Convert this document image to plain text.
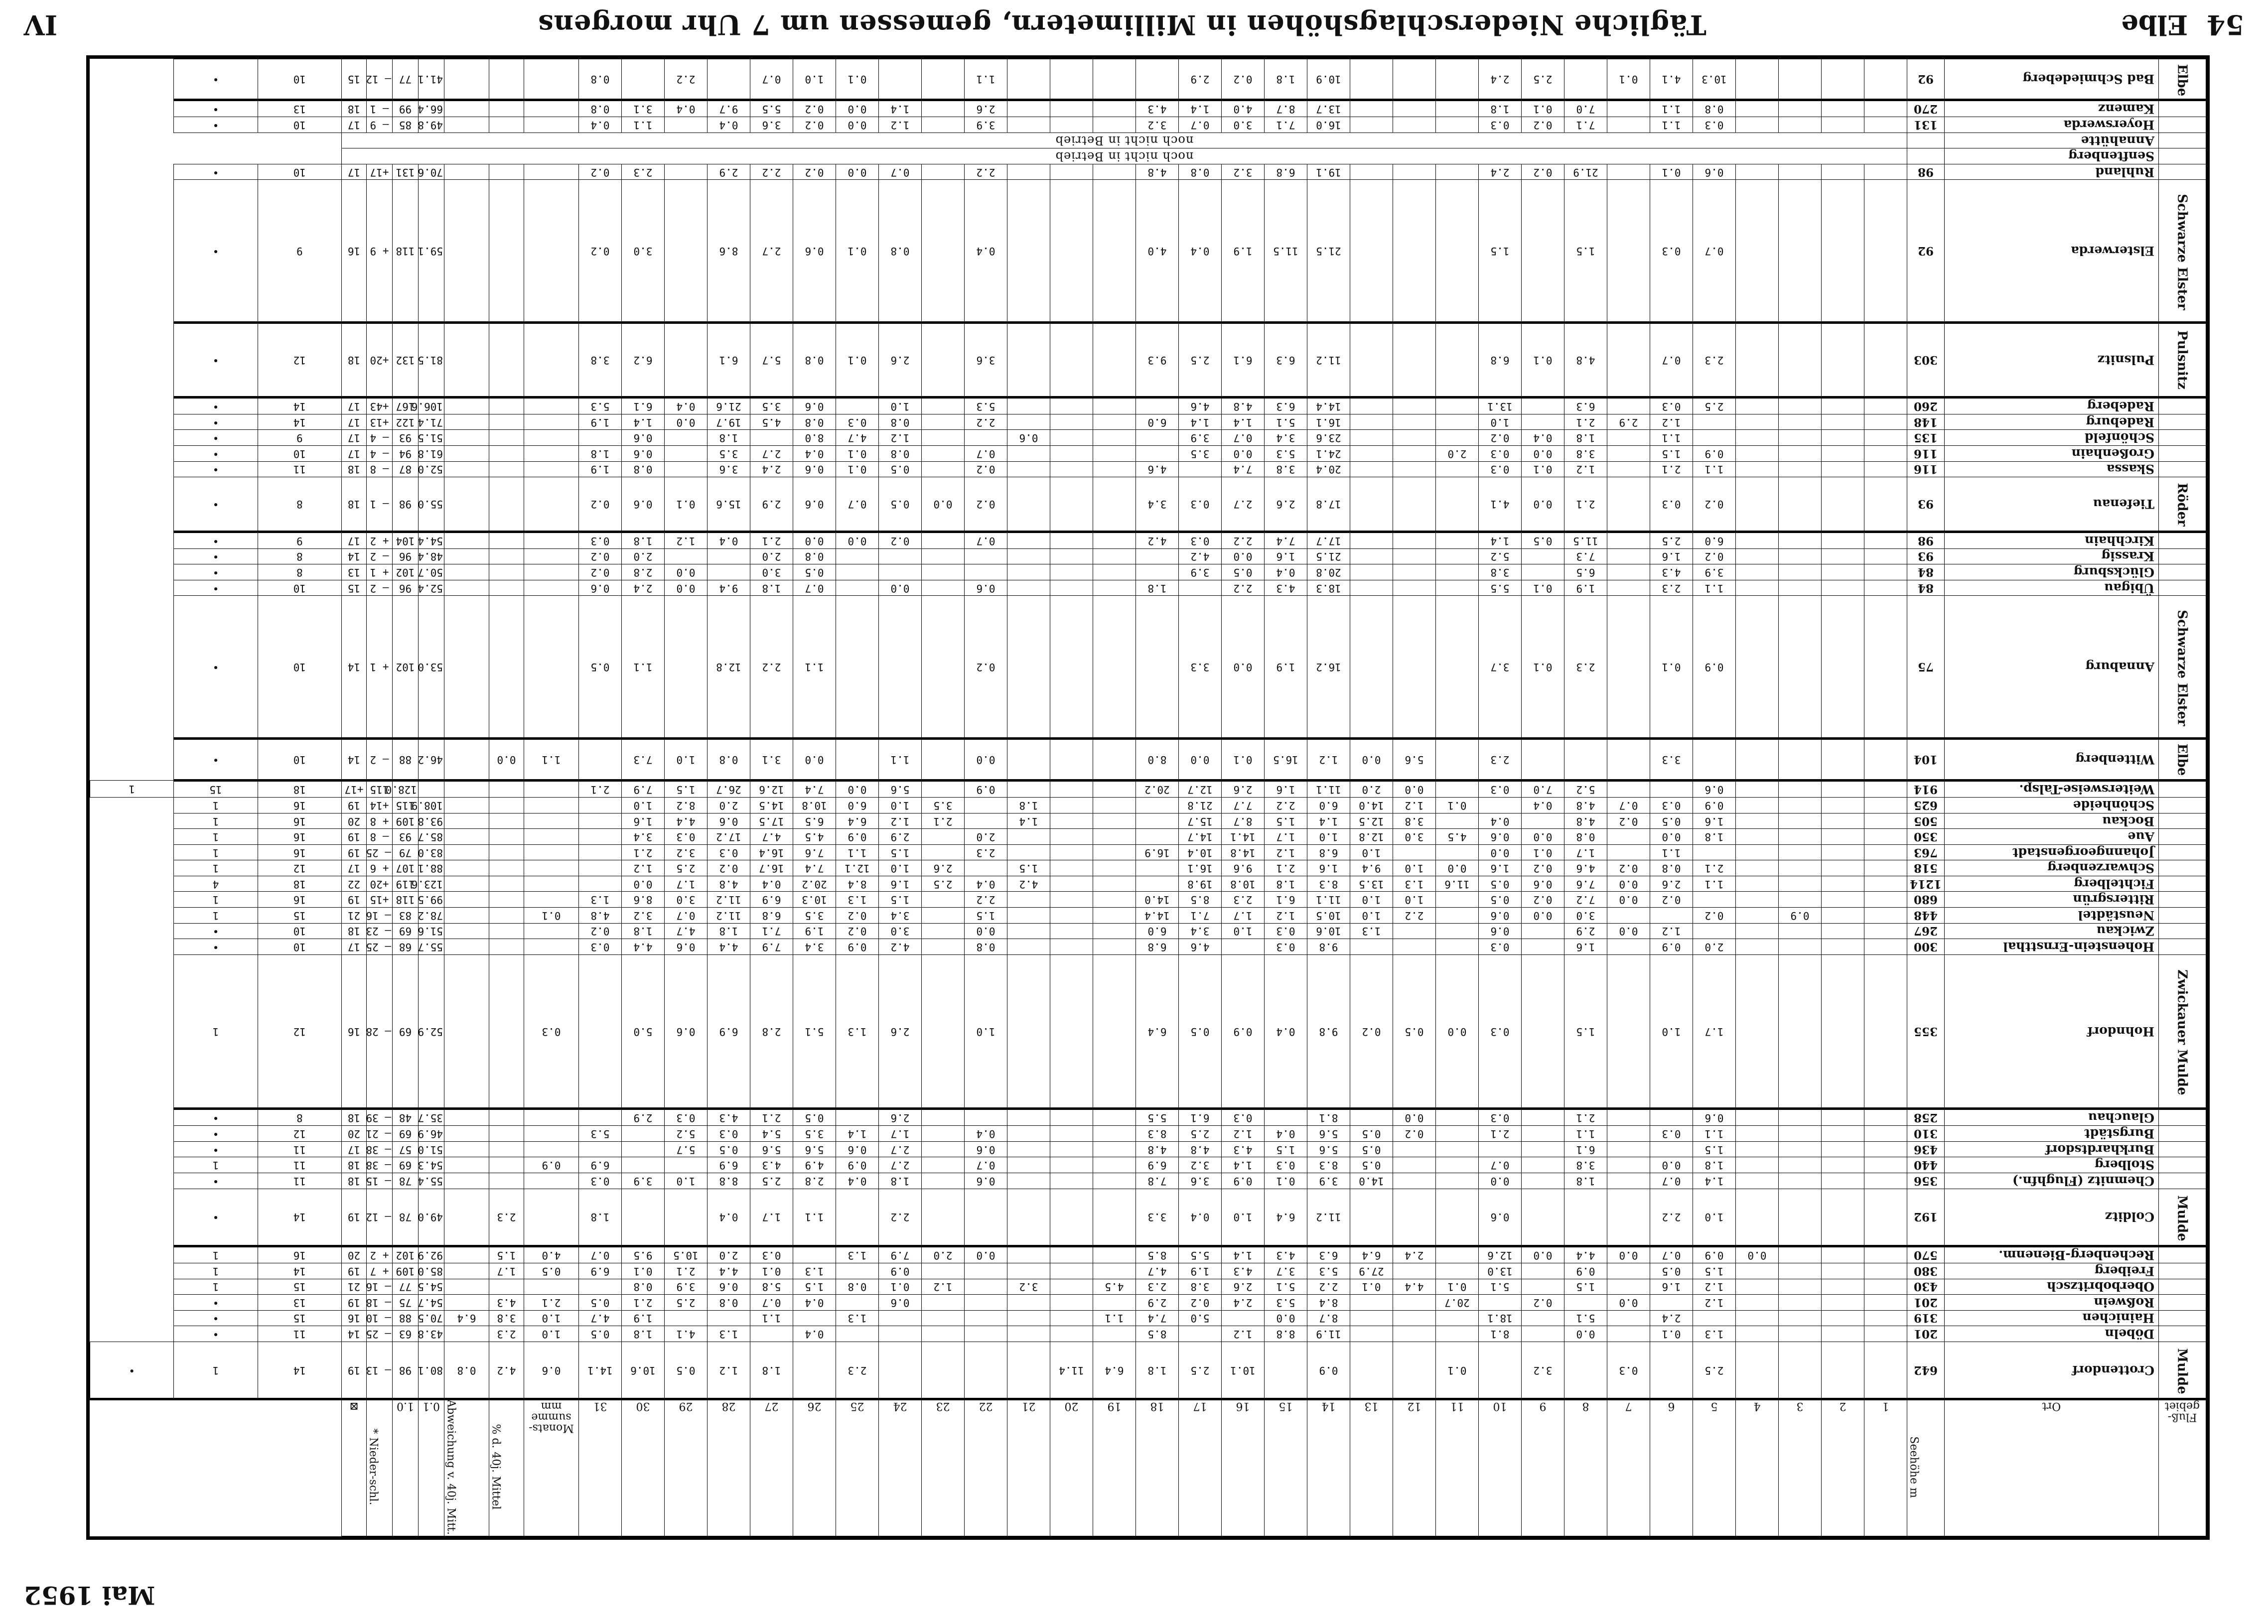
54  Elbe
Tägliche Niederschlagshöhen in Millimetern, gemessen um 7 Uhr morgens
IV
Mai 1952
Fluß-gebiet	Ort	Seehöhe m	1	2	3	4	5	6	7	8	9	10	11	12	13	14	15	16	17	18	19	20	21	22	23	24	25	26	27	28	29	30	31	Monats-summe mm	% d. 40j. Mittel	Abweichung v. 40j. Mitt.	0.1	1.0	* Nieder-schl.	⊠			
Mulde	Crottendorf	642					2.5		0.3		3.2		0.1			0.9		10.1	2.5	1.8	6.4	11.4					2.3		1.8	1.2	0.5	10.6	14.1	0.6	4.2	0.8	80.1	98	— 13	19	14	1	•
	Döbeln	201					1.3	0.1		0.0		8.1				11.9	8.8	1.2		8.5								0.4		1.3	4.1	1.8	0.5	1.0	2.3		43.8	63	— 25	14	11	•	
	Hainichen	319						2.4		5.1		18.1				8.7	0.0		5.0	7.4	1.1						1.3		1.1			1.9	4.7	1.0	3.8	6.4	70.5	88	— 10	16	15	•	
	Roßwein	201					1.2		0.0		0.2		20.7			8.4	5.3	2.4	0.2	2.9						0.6		0.4	0.7	0.8	2.5	2.1	0.5	2.1	4.3		54.7	75	— 18	19	13	•	
	Oberbobritzsch	430					1.2	1.6		1.5		5.1	0.1	4.4	0.1	2.2	5.1	2.6	3.8	2.3	4.5		3.2		1.2	0.1	0.8	1.5	5.8	0.6	3.9	0.8					54.5	77	— 16	21	15	1	
	Freiberg	380					1.5	0.5		0.9		13.0			27.9	5.3	3.7	4.3	1.9	4.7						0.9		1.3	0.1	4.4	2.1	0.1	6.9	0.5	1.7		85.0	109	+ 7	19	14	1	
	Rechenberg-Bienenm.	570				0.0	0.9	0.7	0.0	4.4	0.0	12.6		2.4	6.4	6.3	4.3	1.4	5.5	8.5				0.0	2.0	7.9	1.3		0.3	2.0	10.5	9.5	0.7	4.0	1.5		92.9	102	+ 2	20	16	1	
Mulde	Colditz	192					1.0	2.2				0.6				11.2	6.4	1.0	0.4	3.3						2.2		1.1	1.7	0.4			1.8		2.3		49.0	78	— 12	19	14	•	
	Chemnitz (Flughfn.)	356					1.4	0.7		1.8		0.0			14.0	3.9	0.1	0.9	3.6	7.8				0.6		1.8	0.4	2.8	2.5	8.8	1.0	3.9	0.3				55.4	78	— 15	18	11	•	
	Stolberg	440					1.8	0.0		3.8		0.7			0.5	8.3	0.3	1.4	3.2	6.9				0.7		2.7	0.9	4.9	4.3	6.9			6.9	0.9			54.3	69	— 38	18	11	1	
	Burkhardtsdorf	436					1.5			6.1					0.5	5.6	1.5	4.3	4.8	4.8				0.6		2.7	0.6	5.6	5.6	0.5	5.7						51.0	57	— 38	17	11	•	
	Burgstädt	310					1.1	0.3		1.1		2.1		0.2	0.5	5.6	0.4	1.2	2.5	8.3				0.4		1.7	1.4	3.5	5.4	0.3	5.2		5.3				46.9	69	— 21	20	12	•	
	Glauchau	258					0.6			2.1		0.3		0.0		8.1		0.3	6.1	5.5						2.6		0.5	2.1	4.3	0.3	2.9					35.7	48	— 39	18	8	•	
Zwickauer Mulde	Hohndorf	355					1.7	1.0		1.5		0.3	0.0	0.5	0.2	9.8	0.4	0.9	0.5	6.4				1.0		2.6	1.3	5.1	2.8	6.9	0.6	5.0		0.3			52.9	69	— 28	16	12	1	
	Hohenstein-Ernstthal	300					2.0	0.9		1.6		0.3				9.8	0.3		4.6	6.8				0.8		4.2	0.9	3.4	7.9	4.4	0.6	4.4	0.3				55.7	68	— 25	17	10	•	
	Zwickau	267						1.2	0.0	2.9		0.6			1.3	10.6	0.3	1.0	3.4	6.0				0.0		3.0	0.2	1.9	7.1	1.8	4.7	1.8	0.2				51.6	69	— 23	18	10	•	
	Neustädtel	448			0.9		0.2			3.0	0.0	0.6		2.2	1.0	10.5	1.2	1.7	7.1	14.4				1.5		3.4	0.2	3.5	6.8	11.2	0.7	3.2	4.8	0.1			78.2	83	— 16	21	15	1	
	Rittersgrün	680						0.2	0.0	7.2	0.2	0.5		1.0	1.0	11.1	6.1	2.3	8.5	14.0				2.2		1.5	1.3	10.3	6.9	11.2	3.0	8.6	1.3				99.5	118	+15	19	16	1	
	Fichtelberg	1214					1.1	2.6	0.0	7.6	0.6	0.5	11.6	1.3	13.5	8.3	1.8	10.8	19.8				4.2	0.4	2.5	1.6	8.4	20.2	0.4	4.8	1.7	0.0					123.6	119	+20	22	18	4	
	Schwarzenberg	518					2.1	0.8	0.2	4.6	0.2	1.6	0.0	1.0	9.4	1.6	2.1	9.6	16.1				1.5		2.6	1.0	12.1	7.4	16.7	0.2	2.5	1.2					88.1	107	+ 6	17	12	1	
	Johanngeorgenstadt	763						1.1		1.7	0.1	0.0			1.0	6.8	1.2	14.8	10.4	16.9				2.3		1.5	1.1	7.6	16.4	0.3	3.2	2.1					83.0	79	— 25	19	16	1	
	Aue	350					1.8	0.0		0.8	0.0	0.6	4.5	3.0	12.8	1.0	1.7	14.1	14.7					2.0		2.9	0.9	4.5	4.7	17.2	0.3	3.4					85.7	93	— 8	19	16	1	
	Bockau	505					1.6	0.5	0.2	4.8		0.4		3.8	12.5	1.4	1.5	8.7	15.7				1.4		2.1	1.2	6.4	6.5	17.5	0.6	4.4	1.6					93.8	109	+ 8	20	16	1	
	Schönheide	625					0.9	0.3	0.7	4.8	0.4		0.1	1.2	14.0	6.0	2.2	7.7	21.8				1.8		3.5	1.0	6.0	10.8	14.5	2.0	8.2	1.0					108.9	115	+14	19	16	1	
	Weitersweise-Talsp.	914					0.6			5.2	7.0	0.3		0.0	2.0	11.1	1.6	2.6	12.7	20.2				0.9		5.6	0.0	7.4	12.6	26.7	1.5	7.9	2.1					128.0	115	+17	18	15	1
Elbe	Wittenberg	104						3.3				2.3		5.6	0.0	1.2	16.5	0.1	0.0	8.0				0.0		1.1		0.0	3.1	0.8	1.0	7.3		1.1	0.0		46.2	88	— 2	14	10	•	
Schwarze Elster	Annaburg	75					0.9	0.1		2.3	0.1	3.7				16.2	1.9	0.0	3.3					0.2				1.1	2.2	12.8		1.1	0.5				53.0	102	+ 1	14	10	•	
	Übigau	84					1.1	2.3		1.9	0.1	5.5				18.3	4.3	2.2		1.8				0.6		0.0		0.7	1.8	9.4	0.0	2.4	0.6				52.4	96	— 2	15	10	•	
	Glücksburg	84					3.9	4.3		6.5		3.8				20.8	0.4	0.5	3.9									0.5	3.0		0.0	2.8	0.2				50.7	102	+ 1	13	8	•	
	Krassig	93					0.2	1.6		7.3		5.2				21.5	1.6	0.0	4.2									0.8	2.0			2.0	0.2				48.4	96	— 2	14	8	•	
	Kirchhain	98					6.0	2.5		11.5	0.5	1.4				17.7	7.4	2.2	0.3	4.2				0.7		0.2	0.0	0.0	2.1	0.4	1.2	1.8	0.3				54.4	104	+ 2	17	9	•	
Röder	Tiefenau	93					0.2	0.3		2.1	0.0	4.1				17.8	2.6	2.7	0.3	3.4				0.2	0.0	0.5	0.7	0.6	2.9	15.6	0.1	0.6	0.2				55.0	98	— 1	18	8	•	
	Skassa	116					1.1	2.1		1.2	0.1	0.3				20.4	3.8	7.4		4.6				0.2		0.5	0.1	0.6	2.4	3.6		0.8	1.9				52.0	87	— 8	18	11	•	
	Großenhain	116					0.9	1.5		3.8	0.0	0.3	2.0			24.1	5.3	0.0	3.5					0.7		0.8	0.1	0.4	2.7	3.5		0.6	1.8				61.8	94	— 4	17	10	•	
	Schönfeld	135						1.1		1.8	0.4	0.2				23.6	3.4	0.7	3.9				0.6			1.2	4.7	8.0		1.8		0.6					51.5	93	— 4	17	9	•	
	Radeburg	148						1.2	2.9	2.1		1.0				16.1	5.1	1.4	1.4	6.0				2.2		0.8	0.3	0.8	4.5	19.7	0.0	1.4	1.9				71.4	122	+13	17	14	•	
	Radeberg	260					2.5	0.3		6.3		13.1				14.4	6.3	4.8	4.6					5.3		1.0		0.6	3.5	21.6	0.4	6.1	5.3				106.6	167	+43	17	14	•	
Pulsnitz	Pulsnitz	303					2.3	0.7		4.8	0.1	6.8				11.2	6.3	6.1	2.5	9.3				3.6		2.6	0.1	0.8	5.7	6.1		6.2	3.8				81.5	132	+20	18	12	•	
Schwarze Elster	Elsterwerda	92					0.7	0.3		1.5		1.5				21.5	11.5	1.9	0.4	4.0				0.4		0.8	0.1	0.6	2.7	8.6		3.0	0.2				59.1	118	+ 9	16	9	•	
	Ruhland	98					0.6	0.1		21.9	0.2	2.4				19.1	6.8	3.2	0.8	4.8				2.2		0.7	0.0	0.2	2.2	2.9		2.3	0.2				70.6	131	+17	17	10	•	
	Senftenberg		noch nicht in Betrieb																																								
	Annahütte		noch nicht in Betrieb																																								
	Hoyerswerda	131					0.3	1.1		7.1	0.2	0.3				16.0	7.1	3.0	0.7	3.2				3.9		1.2	0.0	0.2	3.6	0.4		1.1	0.4				49.8	85	— 9	17	10	•	
	Kamenz	270					0.8	1.1		7.0	0.1	1.8				13.7	8.7	4.0	1.4	4.3				2.6		1.4	0.0	0.2	5.5	9.7	0.4	3.1	0.8				66.4	99	— 1	18	13	•	
Elbe	Bad Schmiedeberg	92					10.3	4.1	0.1		2.5	2.4				10.9	1.8	0.2	2.9					1.1			0.1	1.0	0.7		2.2		0.8				41.1	77	— 12	15	10	•	
